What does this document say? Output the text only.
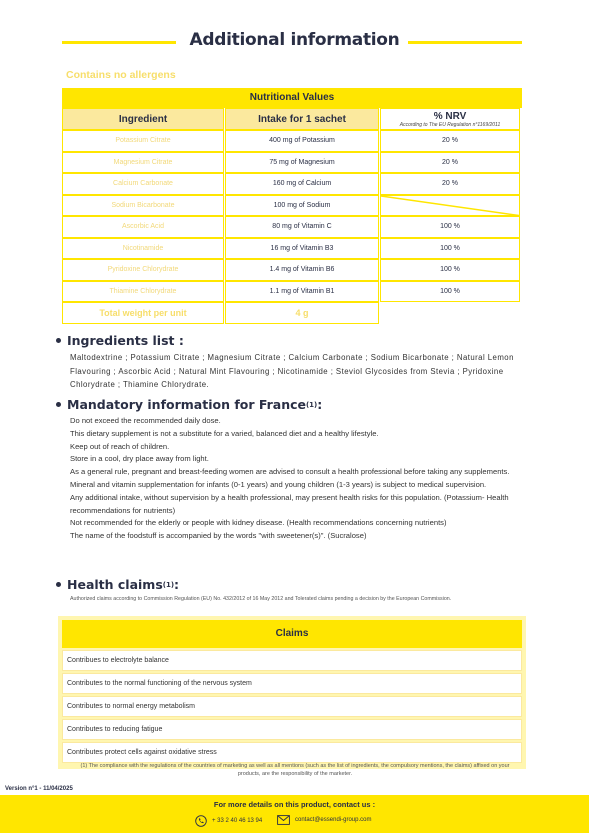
Additional information
Contains no allergens
Nutritional Values
Ingredient	Intake for 1 sachet	% NRV
According to The EU Regulation n°1169/2011
Potassium Citrate	400 mg of Potassium	20 %
Magnesium Citrate	75 mg of Magnesium	20 %
Calcium Carbonate	160 mg of Calcium	20 %
Sodium Bicarbonate	100 mg of Sodium
Ascorbic Acid	80 mg of Vitamin C	100 %
Nicotinamide	16 mg of Vitamin B3	100 %
Pyridoxine Chlorydrate	1.4 mg of Vitamin B6	100 %
Thiamine Chlorydrate	1.1 mg of Vitamin B1	100 %
Total weight per unit	4 g
Ingredients list :

Maltodextrine ; Potassium Citrate ; Magnesium Citrate ; Calcium Carbonate ; Sodium Bicarbonate ; Natural Lemon Flavouring ; Ascorbic Acid ; Natural Mint Flavouring ; Nicotinamide ; Steviol Glycosides from Stevia ; Pyridoxine Chlorydrate ; Thiamine Chlorydrate.

Mandatory information for France (1) :

Do not exceed the recommended daily dose.

This dietary supplement is not a substitute for a varied, balanced diet and a healthy lifestyle.

Keep out of reach of children.

Store in a cool, dry place away from light.

As a general rule, pregnant and breast-feeding women are advised to consult a health professional before taking any supplements.

Mineral and vitamin supplementation for infants (0-1 years) and young children (1-3 years) is subject to medical supervision.

Any additional intake, without supervision by a health professional, may present health risks for this population. (Potassium- Health recommendations for nutrients)

Not recommended for the elderly or people with kidney disease. (Health recommendations concerning nutrients)

The name of the foodstuff is accompanied by the words "with sweetener(s)". (Sucralose)

Health claims (1) :

Authorized claims according to Commission Regulation (EU) No. 432/2012 of 16 May 2012 and Tolerated claims pending a decision by the European Commission.

Claims
Contribues to electrolyte balance
Contributes to the normal functioning of the nervous system
Contributes to normal energy metabolism
Contributes to reducing fatigue
Contributes protect cells against oxidative stress
(1) The compliance with the regulations of the countries of marketing as well as all mentions (such as the list of ingredients, the compulsory mentions, the claims) affixed on your products, are the responsibility of the marketer.
Version n°1 - 11/04/2025
For more details on this product, contact us :
+ 33 2 40 46 13 94	contact@essendi-group.com
